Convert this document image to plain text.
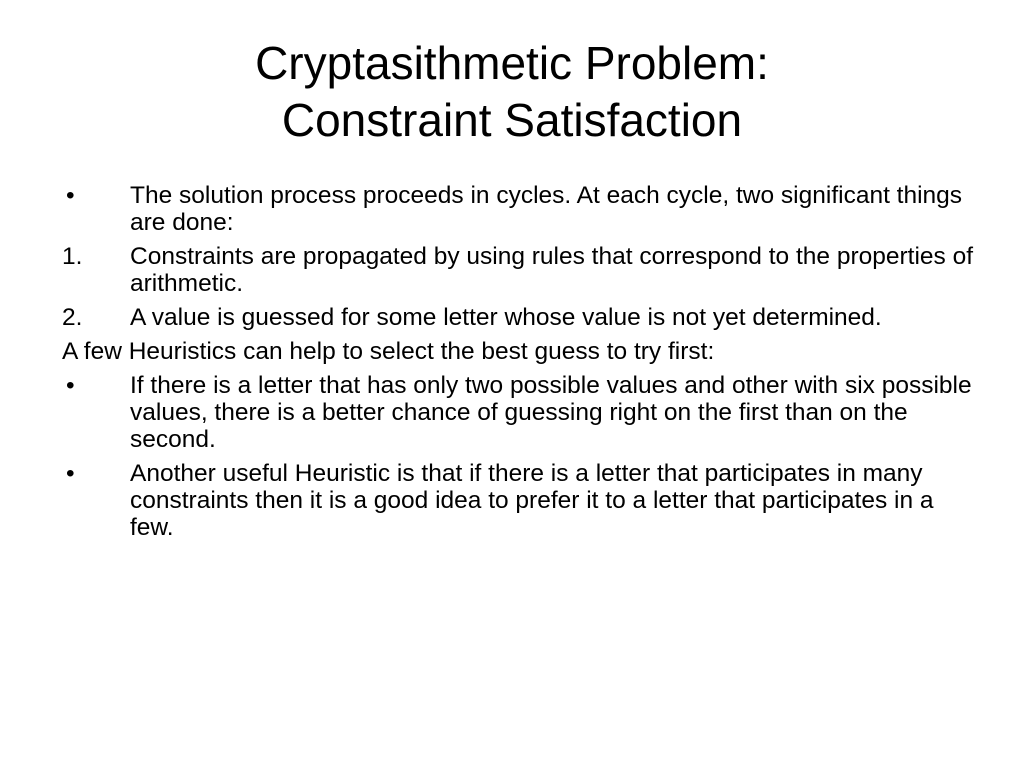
Cryptasithmetic Problem:
Constraint Satisfaction
•	The solution process proceeds in cycles. At each cycle, two significant things are done:
1.	Constraints are propagated by using rules that correspond to the properties of arithmetic.
2.	A value is guessed for some letter whose value is not yet determined.
A few Heuristics can help to select the best guess to try first:
•	If there is a letter that has only two possible values and other with six possible values, there is a better chance of guessing right on the first than on the second.
•	Another useful Heuristic is that if there is a letter that participates in many constraints then it is a good idea to prefer it to a letter that participates in a few.
